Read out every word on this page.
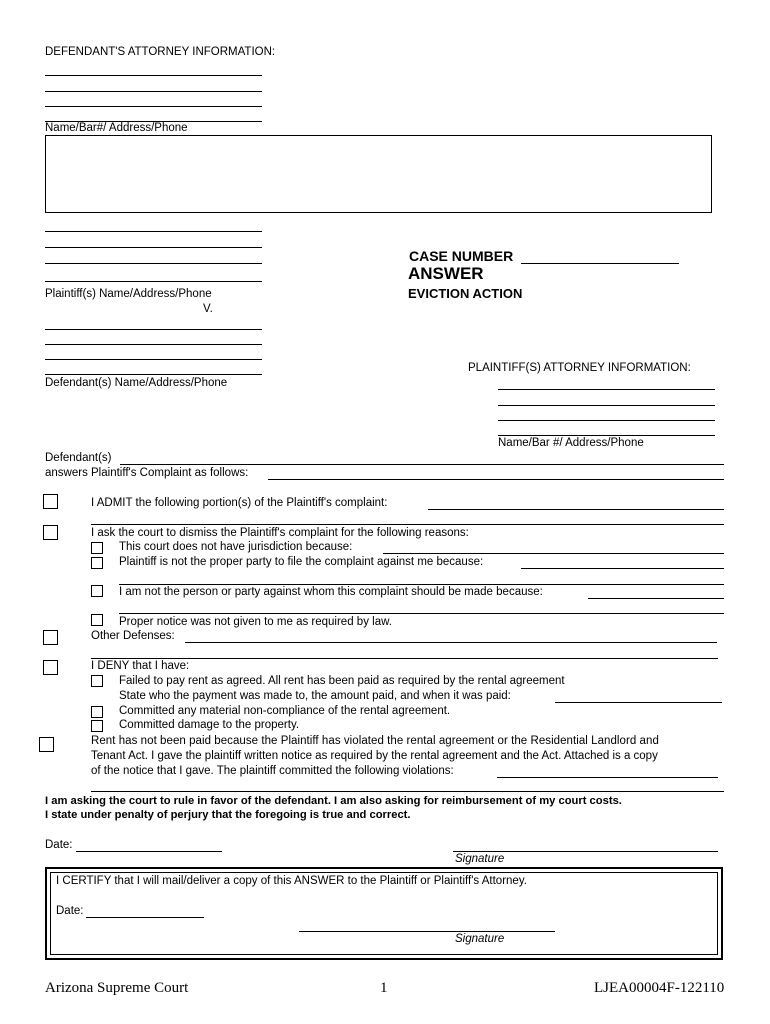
DEFENDANT'S ATTORNEY INFORMATION:
Name/Bar#/ Address/Phone
Plaintiff(s) Name/Address/Phone
V.
CASE NUMBER
ANSWER
EVICTION ACTION
Defendant(s) Name/Address/Phone
PLAINTIFF(S) ATTORNEY INFORMATION:
Name/Bar #/ Address/Phone
Defendant(s)
answers Plaintiff's Complaint as follows:
I ADMIT the following portion(s) of the Plaintiff's complaint:
I ask the court to dismiss the Plaintiff's complaint for the following reasons:
This court does not have jurisdiction because:
Plaintiff is not the proper party to file the complaint against me because:
I am not the person or party against whom this complaint should be made because:
Proper notice was not given to me as required by law.
Other Defenses:
I DENY that I have:
Failed to pay rent as agreed. All rent has been paid as required by the rental agreement
State who the payment was made to, the amount paid, and when it was paid:
Committed any material non-compliance of the rental agreement.
Committed damage to the property.
Rent has not been paid because the Plaintiff has violated the rental agreement or the Residential Landlord and
Tenant Act. I gave the plaintiff written notice as required by the rental agreement and the Act. Attached is a copy
of the notice that I gave. The plaintiff committed the following violations:
I am asking the court to rule in favor of the defendant. I am also asking for reimbursement of my court costs.
I state under penalty of perjury that the foregoing is true and correct.
Date:
Signature
I CERTIFY that I will mail/deliver a copy of this ANSWER to the Plaintiff or Plaintiff's Attorney.
Date:
Signature
Arizona Supreme Court	1	LJEA00004F-122110
